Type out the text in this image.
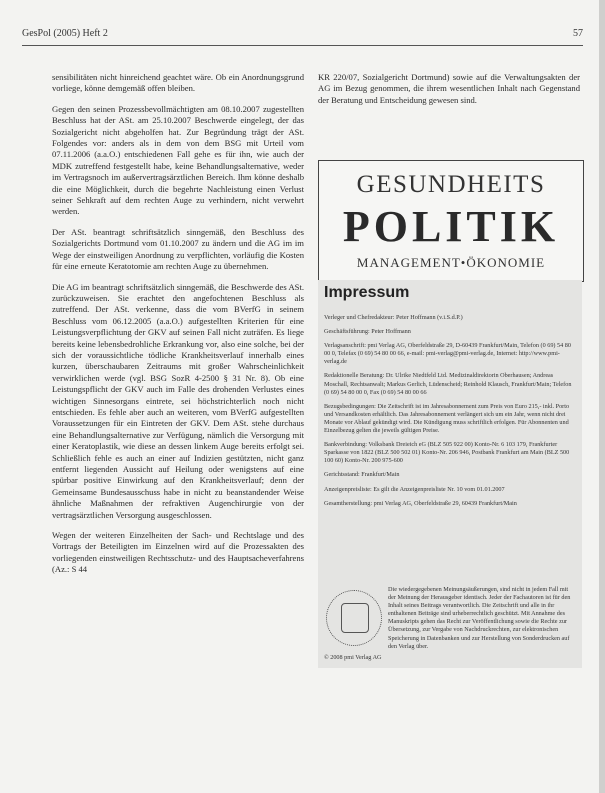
GesPol (2005) Heft 2	57

sensibilitäten nicht hinreichend geachtet wäre. Ob ein Anordnungsgrund vorliege, könne demgemäß offen bleiben.

Gegen den seinen Prozessbevollmächtigten am 08.10.2007 zugestellten Beschluss hat der ASt. am 25.10.2007 Beschwerde eingelegt, der das Sozialgericht nicht abgeholfen hat. Zur Begründung trägt der ASt. Folgendes vor: anders als in dem von dem BSG mit Urteil vom 07.11.2006 (a.a.O.) entschiedenen Fall gehe es für ihn, wie auch der MDK zutreffend festgestellt habe, keine Behandlungsalternative, weder im Vertragsnoch im außervertragsärztlichen Bereich. Ihm könne deshalb die eine Möglichkeit, durch die begehrte Nachleistung einen Verlust seiner Sehkraft auf dem rechten Auge zu verhindern, nicht verwehrt werden.

Der ASt. beantragt schriftsätzlich sinngemäß, den Beschluss des Sozialgerichts Dortmund vom 01.10.2007 zu ändern und die AG im im Wege der einstweiligen Anordnung zu verpflichten, vorläufig die Kosten für eine erneute Keratotomie am rechten Auge zu übernehmen.

Die AG im beantragt schriftsätzlich sinngemäß, die Beschwerde des ASt. zurückzuweisen. Sie erachtet den angefochtenen Beschluss als zutreffend. Der ASt. verkenne, dass die vom BVerfG in seinem Beschluss vom 06.12.2005 (a.a.O.) aufgestellten Kriterien für eine Leistungsverpflichtung der GKV auf seinen Fall nicht zuträfen. Es liege bereits keine lebensbedrohliche Erkrankung vor, also eine solche, bei der sich der voraussichtliche tödliche Krankheitsverlauf innerhalb eines kurzen, überschaubaren Zeitraums mit großer Wahrscheinlichkeit verwirklichen werde (vgl. BSG SozR 4-2500 § 31 Nr. 8). Ob eine Leistungspflicht der GKV auch im Falle des drohenden Verlustes eines wichtigen Sinnesorgans eintrete, sei höchstrichterlich noch nicht entschieden. Es fehle aber auch an weiteren, vom BVerfG aufgestellten Voraussetzungen für ein Eintreten der GKV. Dem ASt. stehe durchaus eine Behandlungsalternative zur Verfügung, nämlich die Versorgung mit einer Keratoplastik, wie diese an dessen linkem Auge bereits erfolgt sei. Schließlich fehle es auch an einer auf Indizien gestützten, nicht ganz entfernt liegenden Aussicht auf Heilung oder wenigstens auf eine spürbar positive Einwirkung auf den Krankheitsverlauf; denn der Gemeinsame Bundesausschuss habe in nicht zu beanstandender Weise ähnliche Maßnahmen der refraktiven Augenchirurgie von der vertragsärztlichen Versorgung ausgeschlossen.

Wegen der weiteren Einzelheiten der Sach- und Rechtslage und des Vortrags der Beteiligten im Einzelnen wird auf die Prozessakten des vorliegenden einstweiligen Rechtsschutz- und des Hauptsacheverfahrens (Az.: S 44

KR 220/07, Sozialgericht Dortmund) sowie auf die Verwaltungsakten der AG im Bezug genommen, die ihrem wesentlichen Inhalt nach Gegenstand der Beratung und Entscheidung gewesen sind.

GESUNDHEITS
POLITIK
MANAGEMENT•ÖKONOMIE
Impressum

Verleger und Chefredakteur: Peter Hoffmann (v.i.S.d.P.)

Geschäftsführung: Peter Hoffmann

Verlagsanschrift: pmi Verlag AG, Oberfeldstraße 29, D-60439 Frankfurt/Main, Telefon (0 69) 54 80 00 0, Telefax (0 69) 54 80 00 66, e-mail: pmi-verlag@pmi-verlag.de, Internet: http://www.pmi-verlag.de

Redaktionelle Beratung: Dr. Ulrike Niedtfeld Ltd. Medizinaldirektorin Oberhausen; Andreas Moschall, Rechtsanwalt; Markus Gerlich, Lüdenscheid; Reinhold Klausch, Frankfurt/Main; Telefon (0 69) 54 80 00 0, Fax (0 69) 54 80 00 66

Bezugsbedingungen: Die Zeitschrift ist im Jahresabonnement zum Preis von Euro 215,- inkl. Porto und Versandkosten erhältlich. Das Jahresabonnement verlängert sich um ein Jahr, wenn nicht drei Monate vor Ablauf gekündigt wird. Die Kündigung muss schriftlich erfolgen. Für Abonnenten und Einzelbezug gelten die jeweils gültigen Preise.

Bankverbindung: Volksbank Dreieich eG (BLZ 505 922 00) Konto-Nr. 6 103 179, Frankfurter Sparkasse von 1822 (BLZ 500 502 01) Konto-Nr. 206 946, Postbank Frankfurt am Main (BLZ 500 100 60) Konto-Nr. 200 975-600

Gerichtsstand: Frankfurt/Main

Anzeigenpreisliste: Es gilt die Anzeigenpreisliste Nr. 10 vom 01.01.2007

Gesamtherstellung: pmi Verlag AG, Oberfeldstraße 29, 60439 Frankfurt/Main

Die wiedergegebenen Meinungsäußerungen, sind nicht in jedem Fall mit der Meinung der Herausgeber identisch. Jeder der Fachautoren ist für den Inhalt seines Beitrags verantwortlich. Die Zeitschrift und alle in ihr enthaltenen Beiträge sind urheberrechtlich geschützt. Mit Annahme des Manuskripts gehen das Recht zur Veröffentlichung sowie die Rechte zur Übersetzung, zur Vergabe von Nachdruckrechten, zur elektronischen Speicherung in Datenbanken und zur Herstellung von Sonderdrucken auf den Verlag über.
© 2008 pmi Verlag AG
